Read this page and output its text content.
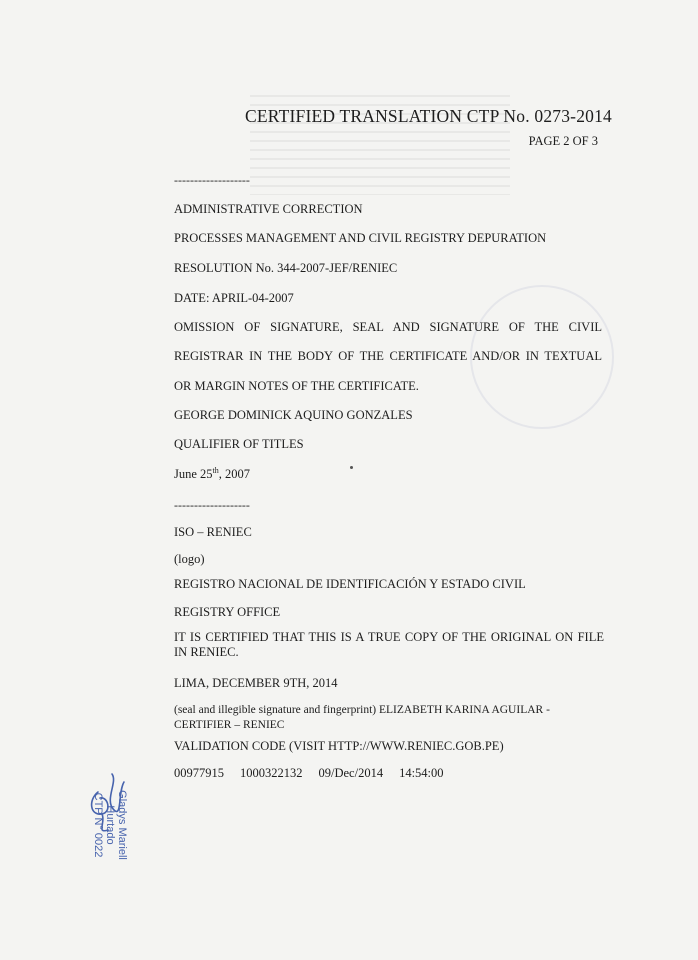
CERTIFIED TRANSLATION CTP No. 0273-2014
PAGE 2 OF 3
-------------------
ADMINISTRATIVE CORRECTION
PROCESSES MANAGEMENT AND CIVIL REGISTRY DEPURATION
RESOLUTION No. 344-2007-JEF/RENIEC
DATE: APRIL-04-2007
OMISSION OF SIGNATURE, SEAL AND SIGNATURE OF THE CIVIL
REGISTRAR IN THE BODY OF THE CERTIFICATE AND/OR IN TEXTUAL
OR MARGIN NOTES OF THE CERTIFICATE.
GEORGE DOMINICK AQUINO GONZALES
QUALIFIER OF TITLES
June 25th, 2007
-------------------
ISO – RENIEC
(logo)
REGISTRO NACIONAL DE IDENTIFICACIÓN Y ESTADO CIVIL
REGISTRY OFFICE
IT IS CERTIFIED THAT THIS IS A TRUE COPY OF THE ORIGINAL ON FILE IN RENIEC.
LIMA, DECEMBER 9TH, 2014
(seal and illegible signature and fingerprint) ELIZABETH KARINA AGUILAR - CERTIFIER – RENIEC
VALIDATION CODE (VISIT HTTP://WWW.RENIEC.GOB.PE)
00977915 1000322132 09/Dec/2014 14:54:00
Gladys Mariell Hurtado
CTP N° 0022
